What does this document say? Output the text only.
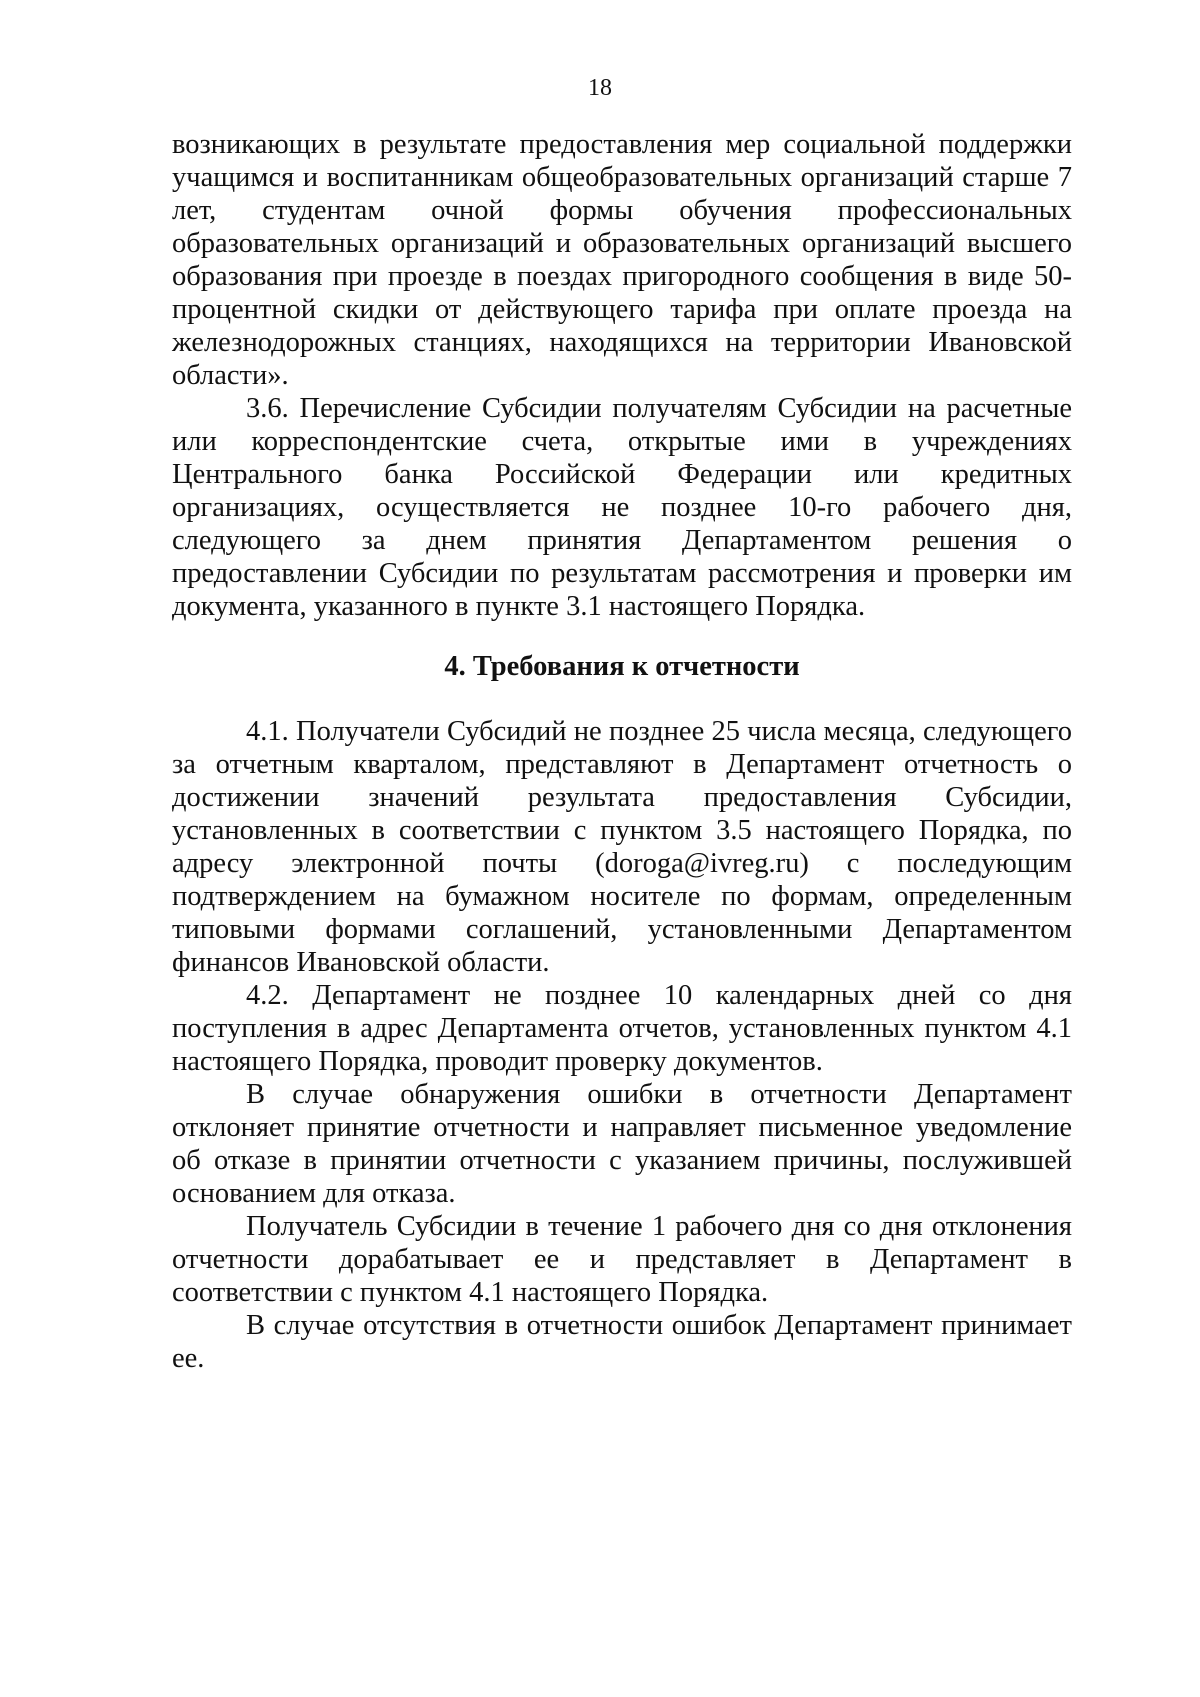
18

возникающих в результате предоставления мер социальной поддержки учащимся и воспитанникам общеобразовательных организаций старше 7 лет, студентам очной формы обучения профессиональных образовательных организаций и образовательных организаций высшего образования при проезде в поездах пригородного сообщения в виде 50-процентной скидки от действующего тарифа при оплате проезда на железнодорожных станциях, находящихся на территории Ивановской области».

3.6. Перечисление Субсидии получателям Субсидии на расчетные или корреспондентские счета, открытые ими в учреждениях Центрального банка Российской Федерации или кредитных организациях, осуществляется не позднее 10-го рабочего дня, следующего за днем принятия Департаментом решения о предоставлении Субсидии по результатам рассмотрения и проверки им документа, указанного в пункте 3.1 настоящего Порядка.

4. Требования к отчетности

4.1. Получатели Субсидий не позднее 25 числа месяца, следующего за отчетным кварталом, представляют в Департамент отчетность о достижении значений результата предоставления Субсидии, установленных в соответствии с пунктом 3.5 настоящего Порядка, по адресу электронной почты (doroga@ivreg.ru) с последующим подтверждением на бумажном носителе по формам, определенным типовыми формами соглашений, установленными Департаментом финансов Ивановской области.

4.2. Департамент не позднее 10 календарных дней со дня поступления в адрес Департамента отчетов, установленных пунктом 4.1 настоящего Порядка, проводит проверку документов.

В случае обнаружения ошибки в отчетности Департамент отклоняет принятие отчетности и направляет письменное уведомление об отказе в принятии отчетности с указанием причины, послужившей основанием для отказа.

Получатель Субсидии в течение 1 рабочего дня со дня отклонения отчетности дорабатывает ее и представляет в Департамент в соответствии с пунктом 4.1 настоящего Порядка.

В случае отсутствия в отчетности ошибок Департамент принимает ее.
